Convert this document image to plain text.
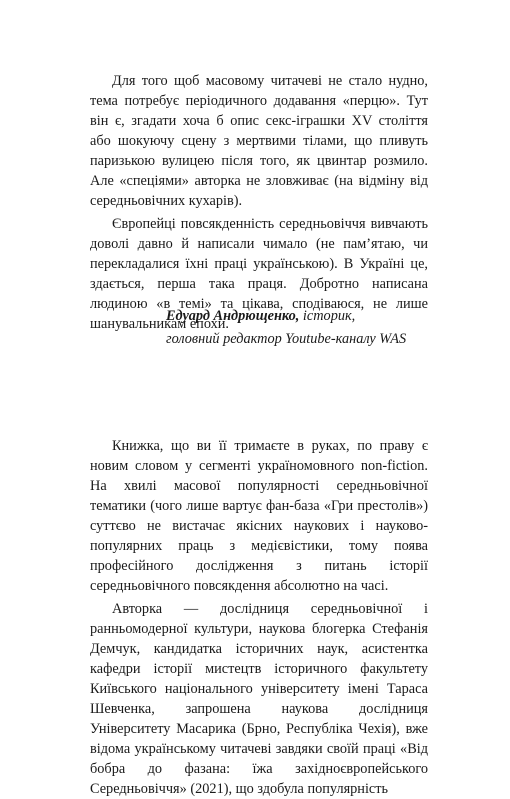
Для того щоб масовому читачеві не стало нудно, тема потребує періодичного додавання «перцю». Тут він є, згадати хоча б опис секс-іграшки XV століття або шокуючу сцену з мертвими тілами, що пливуть паризькою вулицею після того, як цвинтар розмило. Але «спеціями» авторка не зловживає (на відміну від середньовічних кухарів).

Європейці повсякденність середньовіччя вивчають доволі давно й написали чимало (не пам’ятаю, чи перекладалися їхні праці українською). В Україні це, здається, перша така праця. Добротно написана людиною «в темі» та цікава, сподіваюся, не лише шанувальникам епохи.

Едуард Андрющенко, історик,
головний редактор Youtube-каналу WAS

Книжка, що ви її тримаєте в руках, по праву є новим словом у сегменті україномовного non-fiction. На хвилі масової популярності середньовічної тематики (чого лише вартує фан-база «Гри престолів») суттєво не вистачає якісних наукових і науково-популярних праць з медієвістики, тому поява професійного дослідження з питань історії середньовічного повсякдення абсолютно на часі.

Авторка — дослідниця середньовічної і ранньомодерної культури, наукова блогерка Стефанія Демчук, кандидатка історичних наук, асистентка кафедри історії мистецтв історичного факультету Київського національного університету імені Тараса Шевченка, запрошена наукова дослідниця Університету Масарика (Брно, Республіка Чехія), вже відома українському читачеві завдяки своїй праці «Від бобра до фазана: їжа західноєвропейського Середньовіччя» (2021), що здобула популярність
